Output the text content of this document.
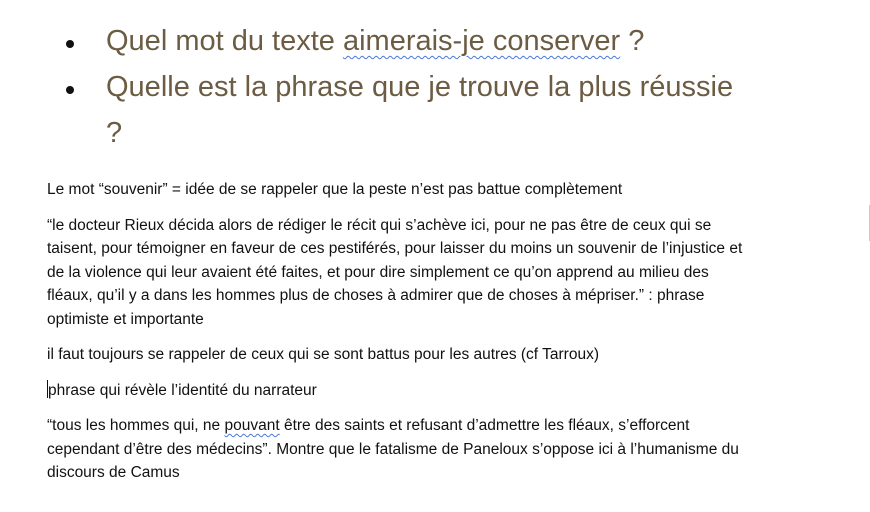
Quel mot du texte aimerais-je conserver ?
Quelle est la phrase que je trouve la plus réussie
?

Le mot “souvenir” = idée de se rappeler que la peste n’est pas battue complètement

“le docteur Rieux décida alors de rédiger le récit qui s’achève ici, pour ne pas être de ceux qui se
taisent, pour témoigner en faveur de ces pestiférés, pour laisser du moins un souvenir de l’injustice et
de la violence qui leur avaient été faites, et pour dire simplement ce qu’on apprend au milieu des
fléaux, qu’il y a dans les hommes plus de choses à admirer que de choses à mépriser.” : phrase
optimiste et importante

il faut toujours se rappeler de ceux qui se sont battus pour les autres (cf Tarroux)

phrase qui révèle l’identité du narrateur

“tous les hommes qui, ne pouvant être des saints et refusant d’admettre les fléaux, s’efforcent
cependant d’être des médecins”. Montre que le fatalisme de Paneloux s’oppose ici à l’humanisme du
discours de Camus
